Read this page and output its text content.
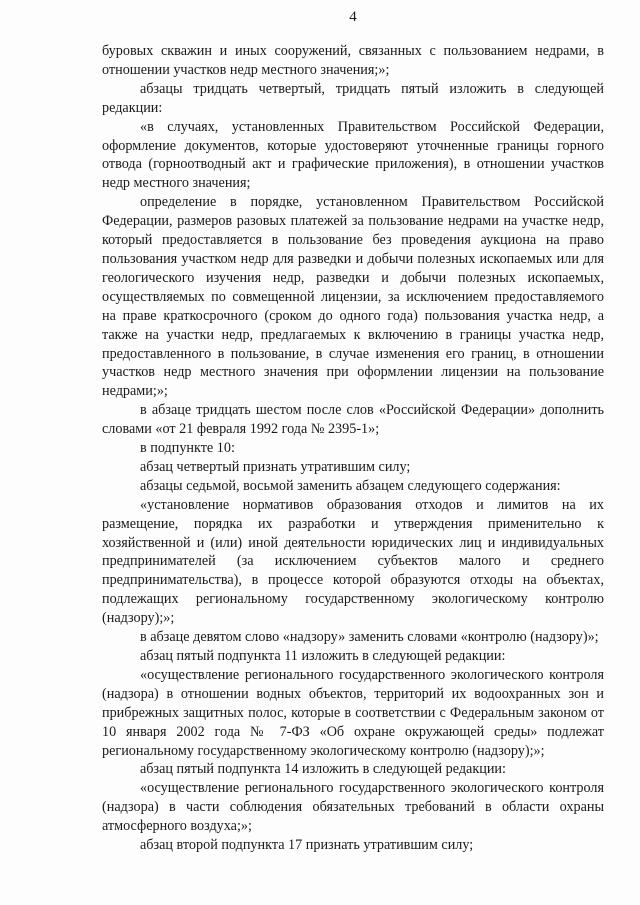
4

буровых скважин и иных сооружений, связанных с пользованием недрами, в отношении участков недр местного значения;»;

абзацы тридцать четвертый, тридцать пятый изложить в следующей редакции:

«в случаях, установленных Правительством Российской Федерации, оформление документов, которые удостоверяют уточненные границы горного отвода (горноотводный акт и графические приложения), в отношении участков недр местного значения;

определение в порядке, установленном Правительством Российской Федерации, размеров разовых платежей за пользование недрами на участке недр, который предоставляется в пользование без проведения аукциона на право пользования участком недр для разведки и добычи полезных ископаемых или для геологического изучения недр, разведки и добычи полезных ископаемых, осуществляемых по совмещенной лицензии, за исключением предоставляемого на праве краткосрочного (сроком до одного года) пользования участка недр, а также на участки недр, предлагаемых к включению в границы участка недр, предоставленного в пользование, в случае изменения его границ, в отношении участков недр местного значения при оформлении лицензии на пользование недрами;»;

в абзаце тридцать шестом после слов «Российской Федерации» дополнить словами «от 21 февраля 1992 года № 2395-1»;

в подпункте 10:

абзац четвертый признать утратившим силу;

абзацы седьмой, восьмой заменить абзацем следующего содержания:

«установление нормативов образования отходов и лимитов на их размещение, порядка их разработки и утверждения применительно к хозяйственной и (или) иной деятельности юридических лиц и индивидуальных предпринимателей (за исключением субъектов малого и среднего предпринимательства), в процессе которой образуются отходы на объектах, подлежащих региональному государственному экологическому контролю (надзору);»;

в абзаце девятом слово «надзору» заменить словами «контролю (надзору)»;

абзац пятый подпункта 11 изложить в следующей редакции:

«осуществление регионального государственного экологического контроля (надзора) в отношении водных объектов, территорий их водоохранных зон и прибрежных защитных полос, которые в соответствии с Федеральным законом от 10 января 2002 года № 7-ФЗ «Об охране окружающей среды» подлежат региональному государственному экологическому контролю (надзору);»;

абзац пятый подпункта 14 изложить в следующей редакции:

«осуществление регионального государственного экологического контроля (надзора) в части соблюдения обязательных требований в области охраны атмосферного воздуха;»;

абзац второй подпункта 17 признать утратившим силу;
